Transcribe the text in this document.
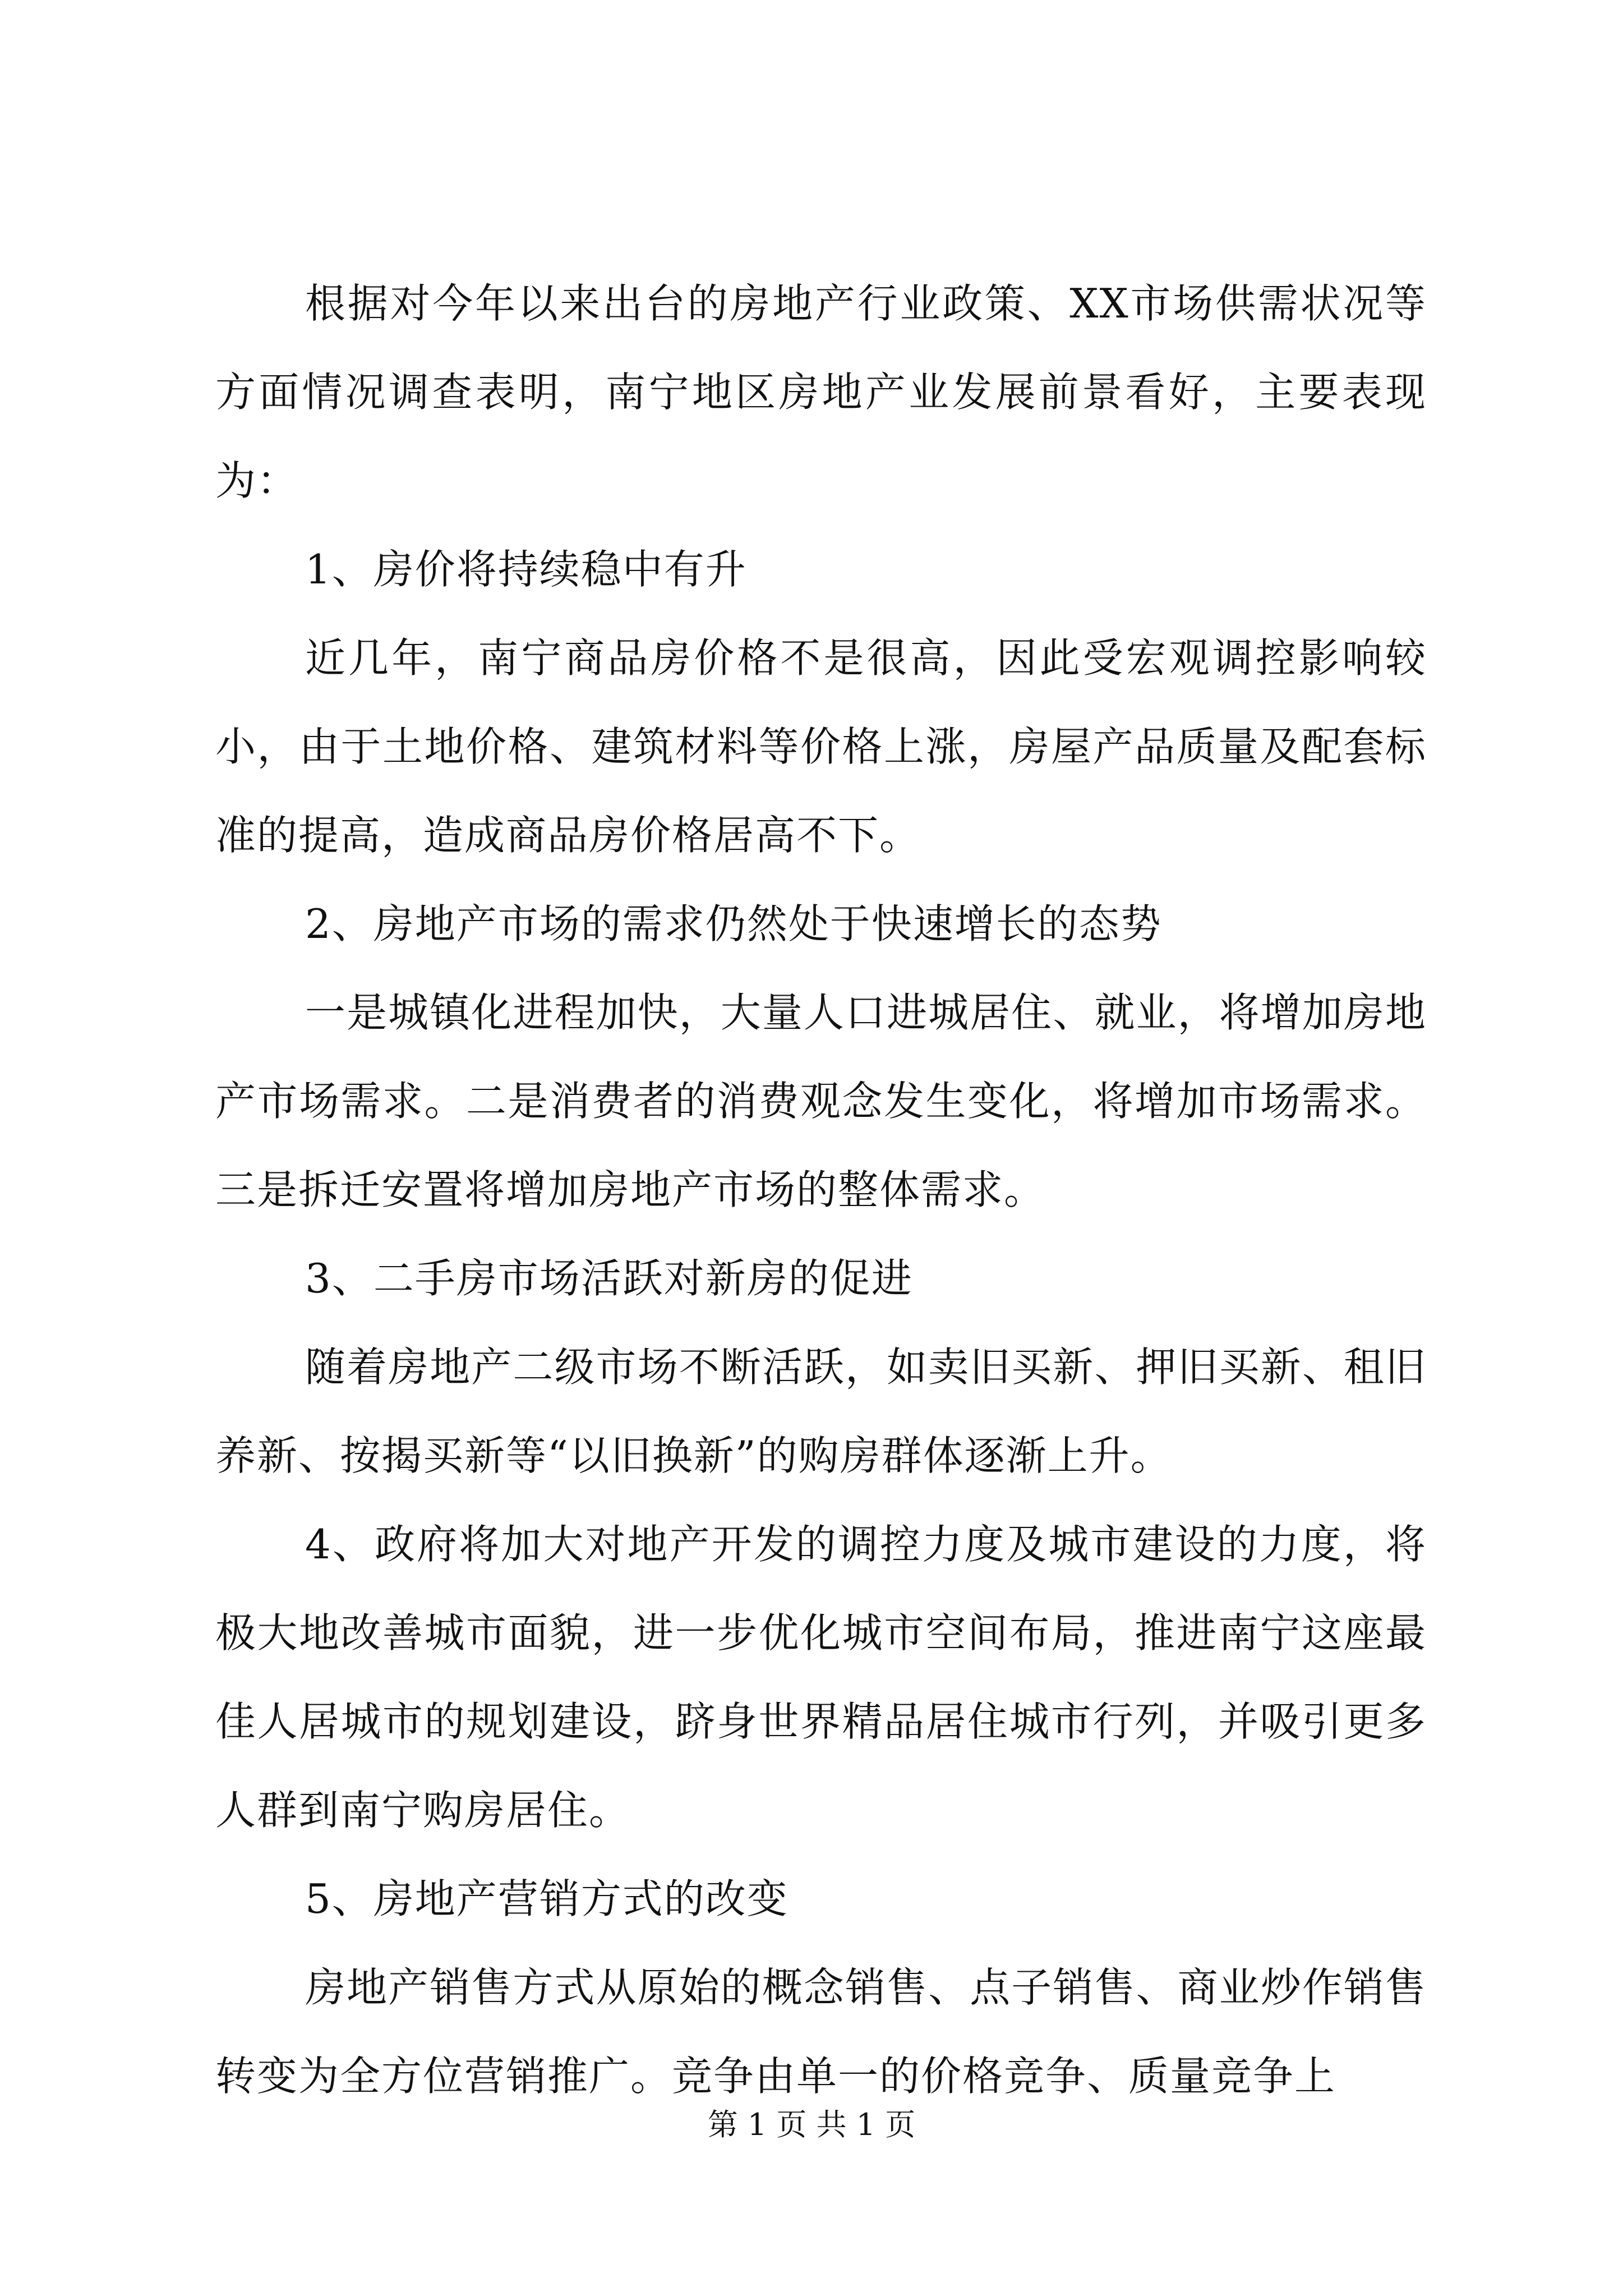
根据对今年以来出台的房地产行业政策、XX市场供需状况等方面情况调查表明，南宁地区房地产业发展前景看好，主要表现为：

1、房价将持续稳中有升

近几年，南宁商品房价格不是很高，因此受宏观调控影响较小，由于土地价格、建筑材料等价格上涨，房屋产品质量及配套标准的提高，造成商品房价格居高不下。

2、房地产市场的需求仍然处于快速增长的态势

一是城镇化进程加快，大量人口进城居住、就业，将增加房地产市场需求。二是消费者的消费观念发生变化，将增加市场需求。三是拆迁安置将增加房地产市场的整体需求。

3、二手房市场活跃对新房的促进

随着房地产二级市场不断活跃，如卖旧买新、押旧买新、租旧养新、按揭买新等“以旧换新”的购房群体逐渐上升。

4、政府将加大对地产开发的调控力度及城市建设的力度，将极大地改善城市面貌，进一步优化城市空间布局，推进南宁这座最佳人居城市的规划建设，跻身世界精品居住城市行列，并吸引更多人群到南宁购房居住。

5、房地产营销方式的改变

房地产销售方式从原始的概念销售、点子销售、商业炒作销售转变为全方位营销推广。竞争由单一的价格竞争、质量竞争上

第 1 页 共 1 页
